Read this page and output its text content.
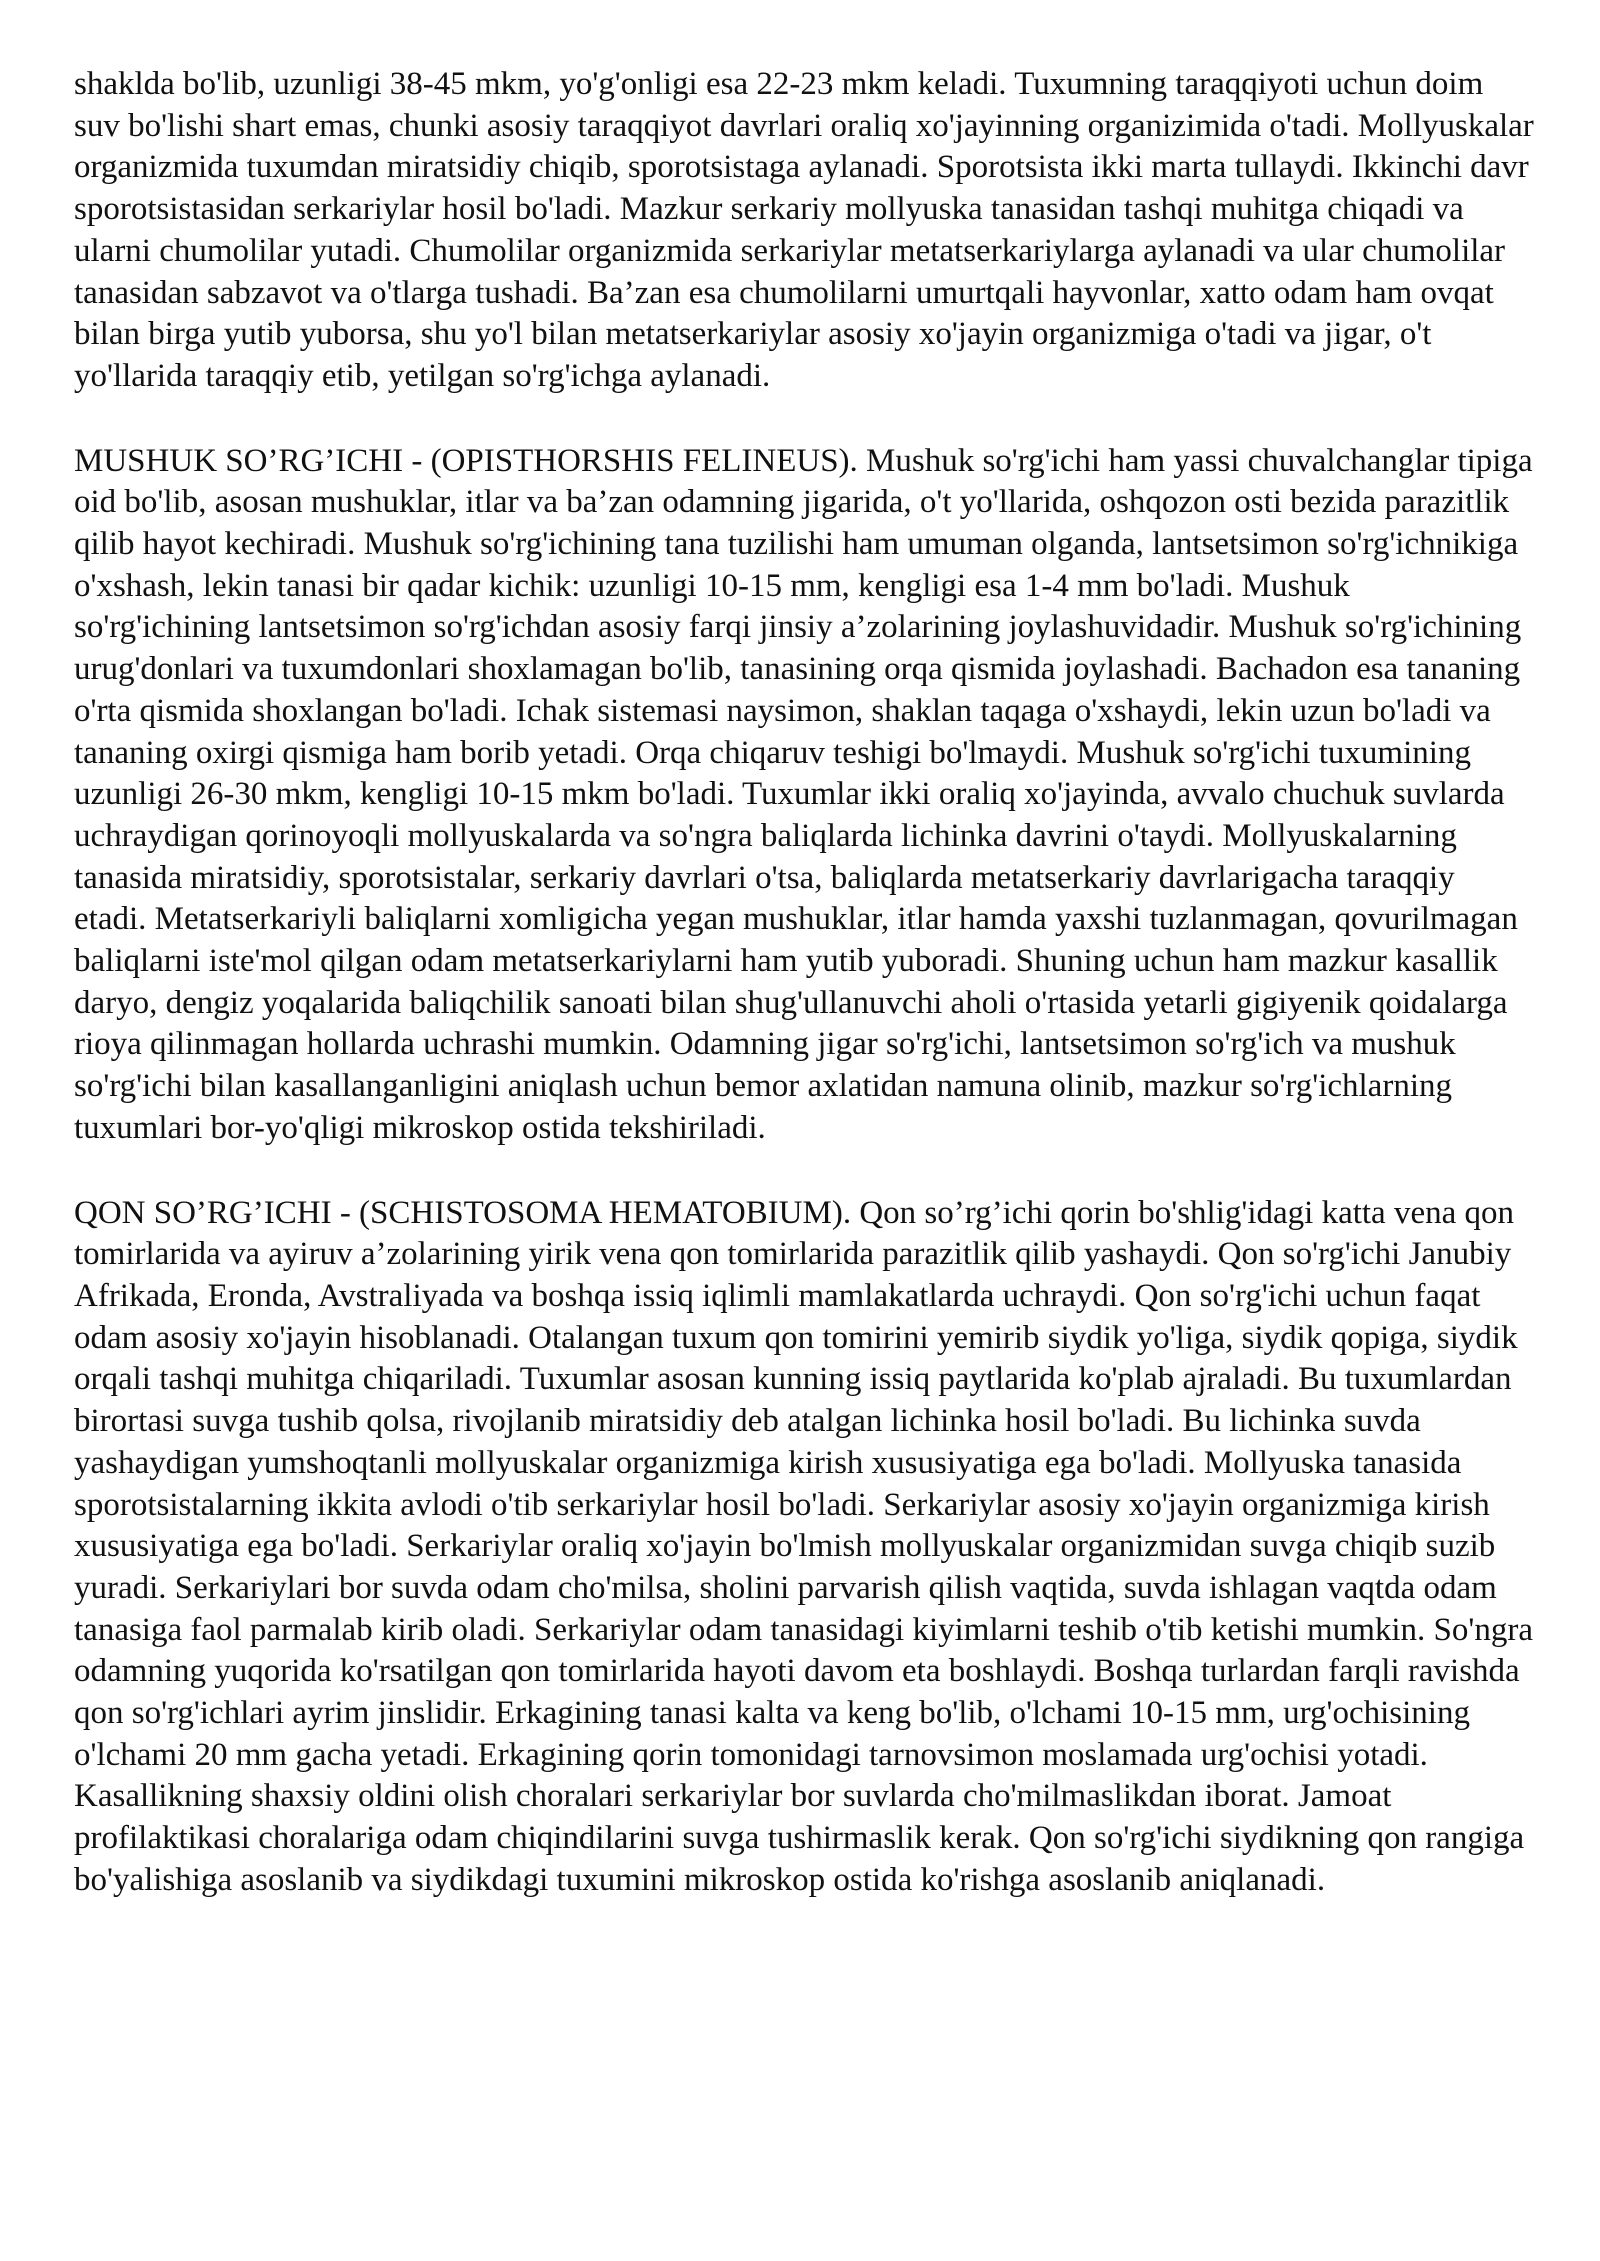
shaklda bo'lib, uzunligi 38-45 mkm, yo'g'onligi esa 22-23 mkm keladi. Tuxumning taraqqiyoti uchun doim suv bo'lishi shart emas, chunki asosiy taraqqiyot davrlari oraliq xo'jayinning organizimida o'tadi. Mollyuskalar organizmida tuxumdan miratsidiy chiqib, sporotsistaga aylanadi. Sporotsista ikki marta tullaydi. Ikkinchi davr sporotsistasidan serkariylar hosil bo'ladi. Mazkur serkariy mollyuska tanasidan tashqi muhitga chiqadi va ularni chumolilar yutadi. Chumolilar organizmida serkariylar metatserkariylarga aylanadi va ular chumolilar tanasidan sabzavot va o'tlarga tushadi. Ba’zan esa chumolilarni umurtqali hayvonlar, xatto odam ham ovqat bilan birga yutib yuborsa, shu yo'l bilan metatserkariylar asosiy xo'jayin organizmiga o'tadi va jigar, o't yo'llarida taraqqiy etib, yetilgan so'rg'ichga aylanadi.

MUSHUK SO’RG’ICHI - (OPISTHORSHIS FELINEUS). Mushuk so'rg'ichi ham yassi chuvalchanglar tipiga oid bo'lib, asosan mushuklar, itlar va ba’zan odamning jigarida, o't yo'llarida, oshqozon osti bezida parazitlik qilib hayot kechiradi. Mushuk so'rg'ichining tana tuzilishi ham umuman olganda, lantsetsimon so'rg'ichnikiga o'xshash, lekin tanasi bir qadar kichik: uzunligi 10-15 mm, kengligi esa 1-4 mm bo'ladi. Mushuk so'rg'ichining lantsetsimon so'rg'ichdan asosiy farqi jinsiy a’zolarining joylashuvidadir. Mushuk so'rg'ichining urug'donlari va tuxumdonlari shoxlamagan bo'lib, tanasining orqa qismida joylashadi. Bachadon esa tananing o'rta qismida shoxlangan bo'ladi. Ichak sistemasi naysimon, shaklan taqaga o'xshaydi, lekin uzun bo'ladi va tananing oxirgi qismiga ham borib yetadi. Orqa chiqaruv teshigi bo'lmaydi. Mushuk so'rg'ichi tuxumining uzunligi 26-30 mkm, kengligi 10-15 mkm bo'ladi. Tuxumlar ikki oraliq xo'jayinda, avvalo chuchuk suvlarda uchraydigan qorinoyoqli mollyuskalarda va so'ngra baliqlarda lichinka davrini o'taydi. Mollyuskalarning tanasida miratsidiy, sporotsistalar, serkariy davrlari o'tsa, baliqlarda metatserkariy davrlarigacha taraqqiy etadi. Metatserkariyli baliqlarni xomligicha yegan mushuklar, itlar hamda yaxshi tuzlanmagan, qovurilmagan baliqlarni iste'mol qilgan odam metatserkariylarni ham yutib yuboradi. Shuning uchun ham mazkur kasallik daryo, dengiz yoqalarida baliqchilik sanoati bilan shug'ullanuvchi aholi o'rtasida yetarli gigiyenik qoidalarga rioya qilinmagan hollarda uchrashi mumkin. Odamning jigar so'rg'ichi, lantsetsimon so'rg'ich va mushuk so'rg'ichi bilan kasallanganligini aniqlash uchun bemor axlatidan namuna olinib, mazkur so'rg'ichlarning tuxumlari bor-yo'qligi mikroskop ostida tekshiriladi.

QON SO’RG’ICHI - (SCHISTOSOMA HEMATOBIUM). Qon so’rg’ichi qorin bo'shlig'idagi katta vena qon tomirlarida va ayiruv a’zolarining yirik vena qon tomirlarida parazitlik qilib yashaydi. Qon so'rg'ichi Janubiy Afrikada, Eronda, Avstraliyada va boshqa issiq iqlimli mamlakatlarda uchraydi. Qon so'rg'ichi uchun faqat odam asosiy xo'jayin hisoblanadi. Otalangan tuxum qon tomirini yemirib siydik yo'liga, siydik qopiga, siydik orqali tashqi muhitga chiqariladi. Tuxumlar asosan kunning issiq paytlarida ko'plab ajraladi. Bu tuxumlardan birortasi suvga tushib qolsa, rivojlanib miratsidiy deb atalgan lichinka hosil bo'ladi. Bu lichinka suvda yashaydigan yumshoqtanli mollyuskalar organizmiga kirish xususiyatiga ega bo'ladi. Mollyuska tanasida sporotsistalarning ikkita avlodi o'tib serkariylar hosil bo'ladi. Serkariylar asosiy xo'jayin organizmiga kirish xususiyatiga ega bo'ladi. Serkariylar oraliq xo'jayin bo'lmish mollyuskalar organizmidan suvga chiqib suzib yuradi. Serkariylari bor suvda odam cho'milsa, sholini parvarish qilish vaqtida, suvda ishlagan vaqtda odam tanasiga faol parmalab kirib oladi. Serkariylar odam tanasidagi kiyimlarni teshib o'tib ketishi mumkin. So'ngra odamning yuqorida ko'rsatilgan qon tomirlarida hayoti davom eta boshlaydi. Boshqa turlardan farqli ravishda qon so'rg'ichlari ayrim jinslidir. Erkagining tanasi kalta va keng bo'lib, o'lchami 10-15 mm, urg'ochisining o'lchami 20 mm gacha yetadi. Erkagining qorin tomonidagi tarnovsimon moslamada urg'ochisi yotadi. Kasallikning shaxsiy oldini olish choralari serkariylar bor suvlarda cho'milmaslikdan iborat. Jamoat profilaktikasi choralariga odam chiqindilarini suvga tushirmaslik kerak. Qon so'rg'ichi siydikning qon rangiga bo'yalishiga asoslanib va siydikdagi tuxumini mikroskop ostida ko'rishga asoslanib aniqlanadi.
